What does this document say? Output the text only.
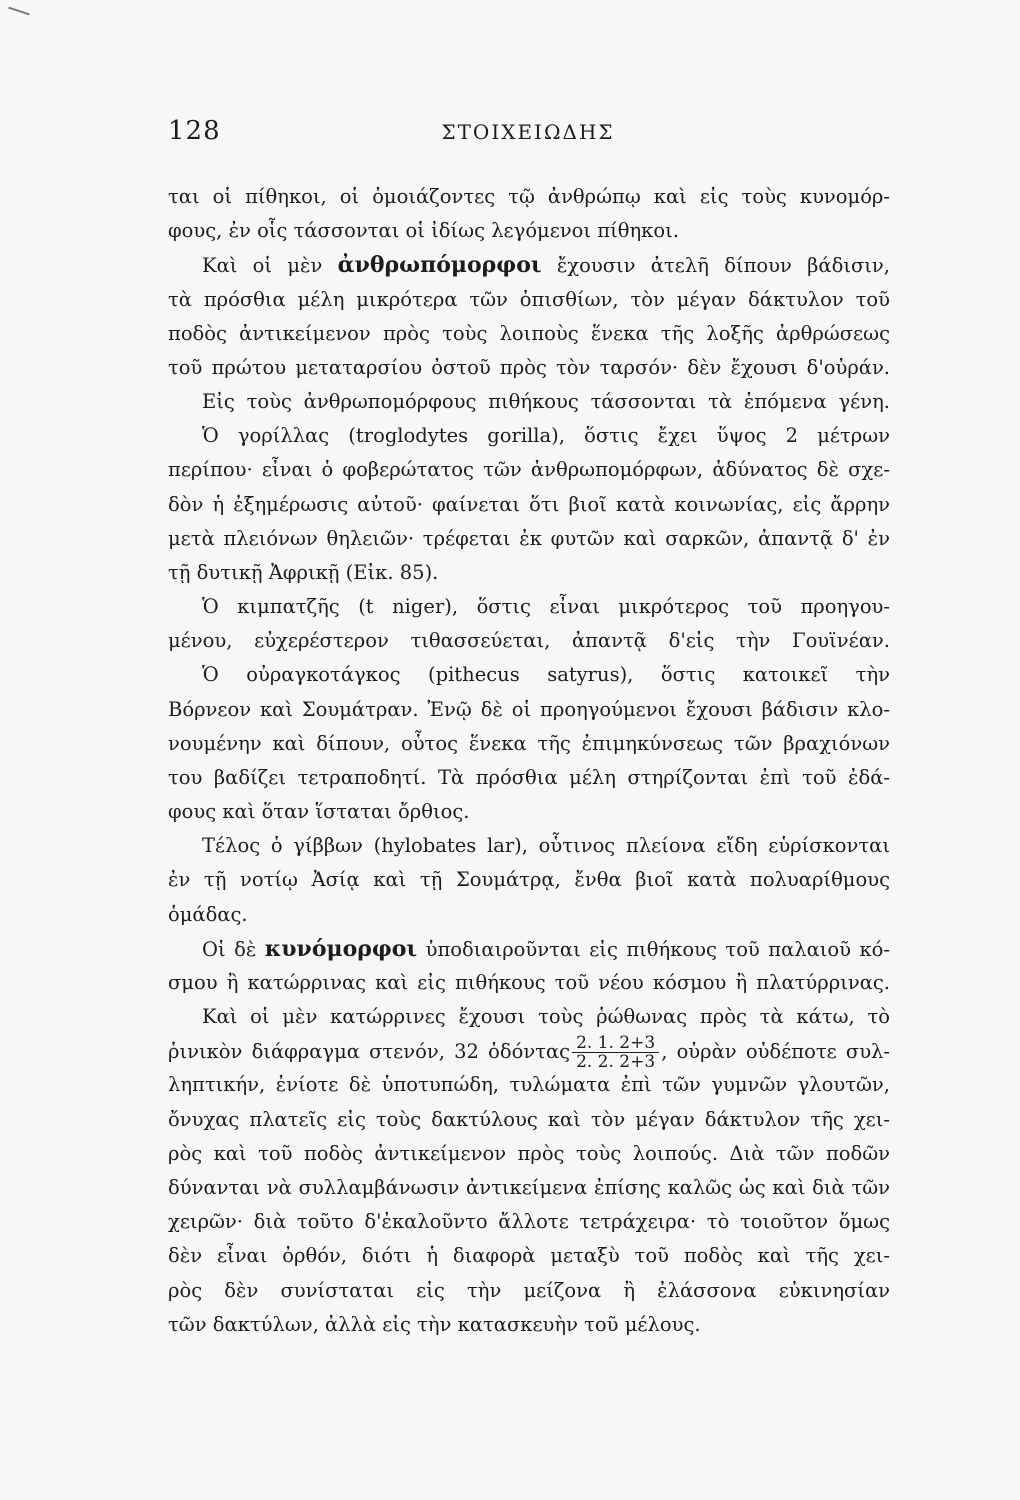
128	ΣΤΟΙΧΕΙΩΔΗΣ
ται οἱ πίθηκοι, οἱ ὁμοιάζοντες τῷ ἀνθρώπῳ καὶ εἰς τοὺς κυνομόρ-
φους, ἐν οἷς τάσσονται οἱ ἰδίως λεγόμενοι πίθηκοι.
Καὶ οἱ μὲν ἀνθρωπόμορφοι ἔχουσιν ἀτελῆ δίπουν βάδισιν,
τὰ πρόσθια μέλη μικρότερα τῶν ὀπισθίων, τὸν μέγαν δάκτυλον τοῦ
ποδὸς ἀντικείμενον πρὸς τοὺς λοιποὺς ἕνεκα τῆς λοξῆς ἀρθρώσεως
τοῦ πρώτου μεταταρσίου ὀστοῦ πρὸς τὸν ταρσόν· δὲν ἔχουσι δ'οὐράν.
Εἰς τοὺς ἀνθρωπομόρφους πιθήκους τάσσονται τὰ ἑπόμενα γένη.
Ὁ γορίλλας (troglodytes gorilla), ὅστις ἔχει ὕψος 2 μέτρων
περίπου· εἶναι ὁ φοβερώτατος τῶν ἀνθρωπομόρφων, ἀδύνατος δὲ σχε-
δὸν ἡ ἐξημέρωσις αὐτοῦ· φαίνεται ὅτι βιοῖ κατὰ κοινωνίας, εἰς ἄρρην
μετὰ πλειόνων θηλειῶν· τρέφεται ἐκ φυτῶν καὶ σαρκῶν, ἀπαντᾷ δ' ἐν
τῇ δυτικῇ Ἀφρικῇ (Εἰκ. 85).
Ὁ κιμπατζῆς (t niger), ὅστις εἶναι μικρότερος τοῦ προηγου-
μένου, εὐχερέστερον τιθασσεύεται, ἀπαντᾷ δ'εἰς τὴν Γουϊνέαν.
Ὁ οὐραγκοτάγκος (pithecus satyrus), ὅστις κατοικεῖ τὴν
Βόρνεον καὶ Σουμάτραν. Ἐνῷ δὲ οἱ προηγούμενοι ἔχουσι βάδισιν κλο-
νουμένην καὶ δίπουν, οὗτος ἕνεκα τῆς ἐπιμηκύνσεως τῶν βραχιόνων
του βαδίζει τετραποδητί. Τὰ πρόσθια μέλη στηρίζονται ἐπὶ τοῦ ἐδά-
φους καὶ ὅταν ἵσταται ὄρθιος.
Τέλος ὁ γίββων (hylobates lar), οὗτινος πλείονα εἴδη εὑρίσκονται
ἐν τῇ νοτίῳ Ἀσίᾳ καὶ τῇ Σουμάτρᾳ, ἔνθα βιοῖ κατὰ πολυαρίθμους
ὁμάδας.
Οἱ δὲ κυνόμορφοι ὑποδιαιροῦνται εἰς πιθήκους τοῦ παλαιοῦ κό-
σμου ἢ κατώρρινας καὶ εἰς πιθήκους τοῦ νέου κόσμου ἢ πλατύρρινας.
Καὶ οἱ μὲν κατώρρινες ἔχουσι τοὺς ῥώθωνας πρὸς τὰ κάτω, τὸ
ῥινικὸν διάφραγμα στενόν, 32 ὀδόντας $\frac{2. 1. 2+3}{2. 2. 2+3}$ , οὐρὰν οὐδέποτε συλ-
ληπτικήν, ἐνίοτε δὲ ὑποτυπώδη, τυλώματα ἐπὶ τῶν γυμνῶν γλουτῶν,
ὄνυχας πλατεῖς εἰς τοὺς δακτύλους καὶ τὸν μέγαν δάκτυλον τῆς χει-
ρὸς καὶ τοῦ ποδὸς ἀντικείμενον πρὸς τοὺς λοιπούς. Διὰ τῶν ποδῶν
δύνανται νὰ συλλαμβάνωσιν ἀντικείμενα ἐπίσης καλῶς ὡς καὶ διὰ τῶν
χειρῶν· διὰ τοῦτο δ'ἐκαλοῦντο ἄλλοτε τετράχειρα· τὸ τοιοῦτον ὅμως
δὲν εἶναι ὀρθόν, διότι ἡ διαφορὰ μεταξὺ τοῦ ποδὸς καὶ τῆς χει-
ρὸς δὲν συνίσταται εἰς τὴν μείζονα ἢ ἐλάσσονα εὐκινησίαν
τῶν δακτύλων, ἀλλὰ εἰς τὴν κατασκευὴν τοῦ μέλους.
